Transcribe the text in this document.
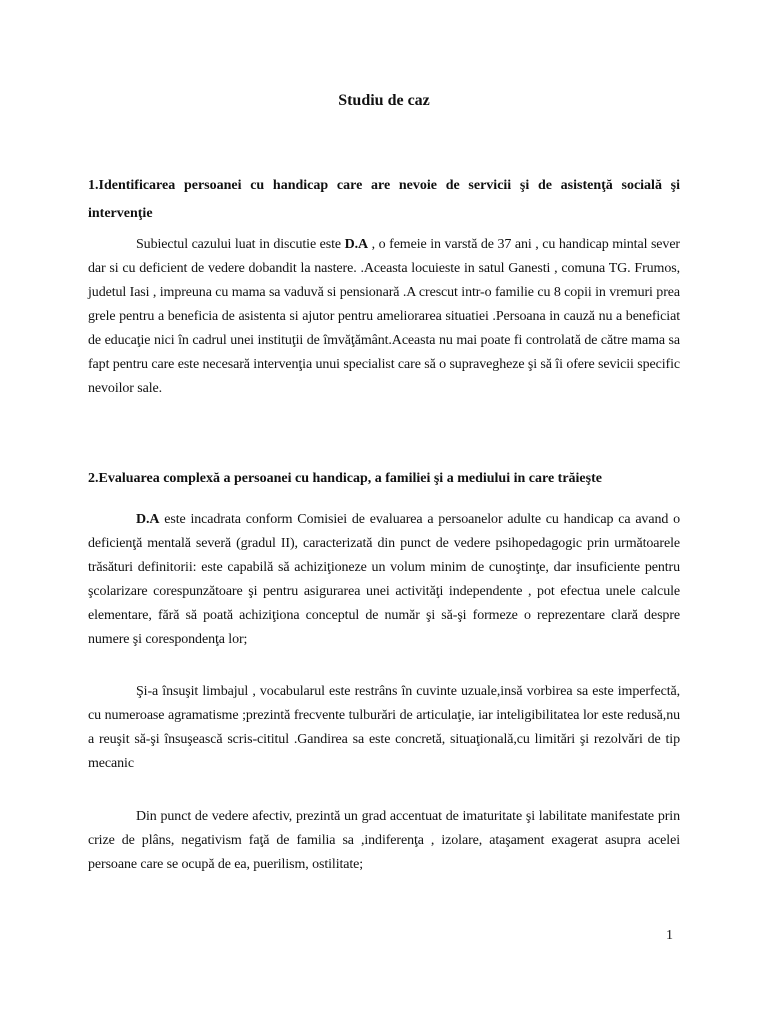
Studiu de caz
1.Identificarea persoanei cu handicap care are nevoie de servicii şi de asistenţă socială şi intervenţie
Subiectul cazului luat in discutie este D.A , o femeie in varstă de 37 ani , cu handicap mintal sever dar si cu deficient de vedere dobandit la nastere. .Aceasta locuieste in satul Ganesti , comuna TG. Frumos, judetul Iasi , impreuna cu mama sa vaduvă si pensionară .A crescut intr-o familie cu 8 copii in vremuri prea grele pentru a beneficia de asistenta si ajutor pentru ameliorarea situatiei .Persoana in cauză nu a beneficiat de educaţie nici în cadrul unei instituţii de îmvăţământ.Aceasta nu mai poate fi controlată de către mama sa fapt pentru care este necesară intervenţia unui specialist care să o supravegheze şi să îi ofere sevicii specific nevoilor sale.
2.Evaluarea complexă a persoanei cu handicap, a familiei şi a mediului in care trăieşte
D.A este incadrata conform Comisiei de evaluarea a persoanelor adulte cu handicap ca avand o deficienţă mentală severă (gradul II), caracterizată din punct de vedere psihopedagogic prin următoarele trăsături definitorii: este capabilă să achiziţioneze un volum minim de cunoştinţe, dar insuficiente pentru şcolarizare corespunzătoare şi pentru asigurarea unei activităţi independente , pot efectua unele calcule elementare, fără să poată achiziţiona conceptul de număr şi să-şi formeze o reprezentare clară despre numere şi corespondenţa lor;
Şi-a însuşit limbajul , vocabularul este restrâns în cuvinte uzuale,insă vorbirea sa este imperfectă, cu numeroase agramatisme ;prezintă frecvente tulburări de articulaţie, iar inteligibilitatea lor este redusă,nu a reuşit să-şi însuşească scris-cititul .Gandirea sa este concretă, situaţională,cu limitări şi rezolvări de tip mecanic
Din punct de vedere afectiv, prezintă un grad accentuat de imaturitate şi labilitate manifestate prin crize de plâns, negativism faţă de familia sa ,indiferenţa , izolare, ataşament exagerat asupra acelei persoane care se ocupă de ea, puerilism, ostilitate;
1
